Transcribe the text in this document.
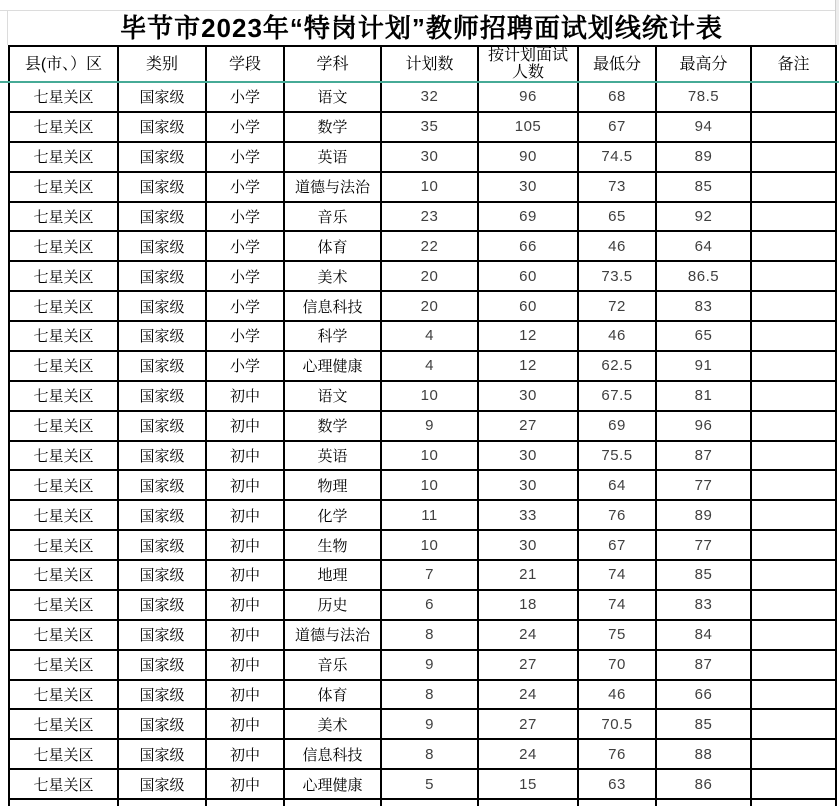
毕节市2023年“特岗计划”教师招聘面试划线统计表
县(市、）区	类别	学段	学科	计划数	按计划面试人数	最低分	最高分	备注
七星关区	国家级	小学	语文	32	96	68	78.5
七星关区	国家级	小学	数学	35	105	67	94
七星关区	国家级	小学	英语	30	90	74.5	89
七星关区	国家级	小学	道德与法治	10	30	73	85
七星关区	国家级	小学	音乐	23	69	65	92
七星关区	国家级	小学	体育	22	66	46	64
七星关区	国家级	小学	美术	20	60	73.5	86.5
七星关区	国家级	小学	信息科技	20	60	72	83
七星关区	国家级	小学	科学	4	12	46	65
七星关区	国家级	小学	心理健康	4	12	62.5	91
七星关区	国家级	初中	语文	10	30	67.5	81
七星关区	国家级	初中	数学	9	27	69	96
七星关区	国家级	初中	英语	10	30	75.5	87
七星关区	国家级	初中	物理	10	30	64	77
七星关区	国家级	初中	化学	11	33	76	89
七星关区	国家级	初中	生物	10	30	67	77
七星关区	国家级	初中	地理	7	21	74	85
七星关区	国家级	初中	历史	6	18	74	83
七星关区	国家级	初中	道德与法治	8	24	75	84
七星关区	国家级	初中	音乐	9	27	70	87
七星关区	国家级	初中	体育	8	24	46	66
七星关区	国家级	初中	美术	9	27	70.5	85
七星关区	国家级	初中	信息科技	8	24	76	88
七星关区	国家级	初中	心理健康	5	15	63	86
